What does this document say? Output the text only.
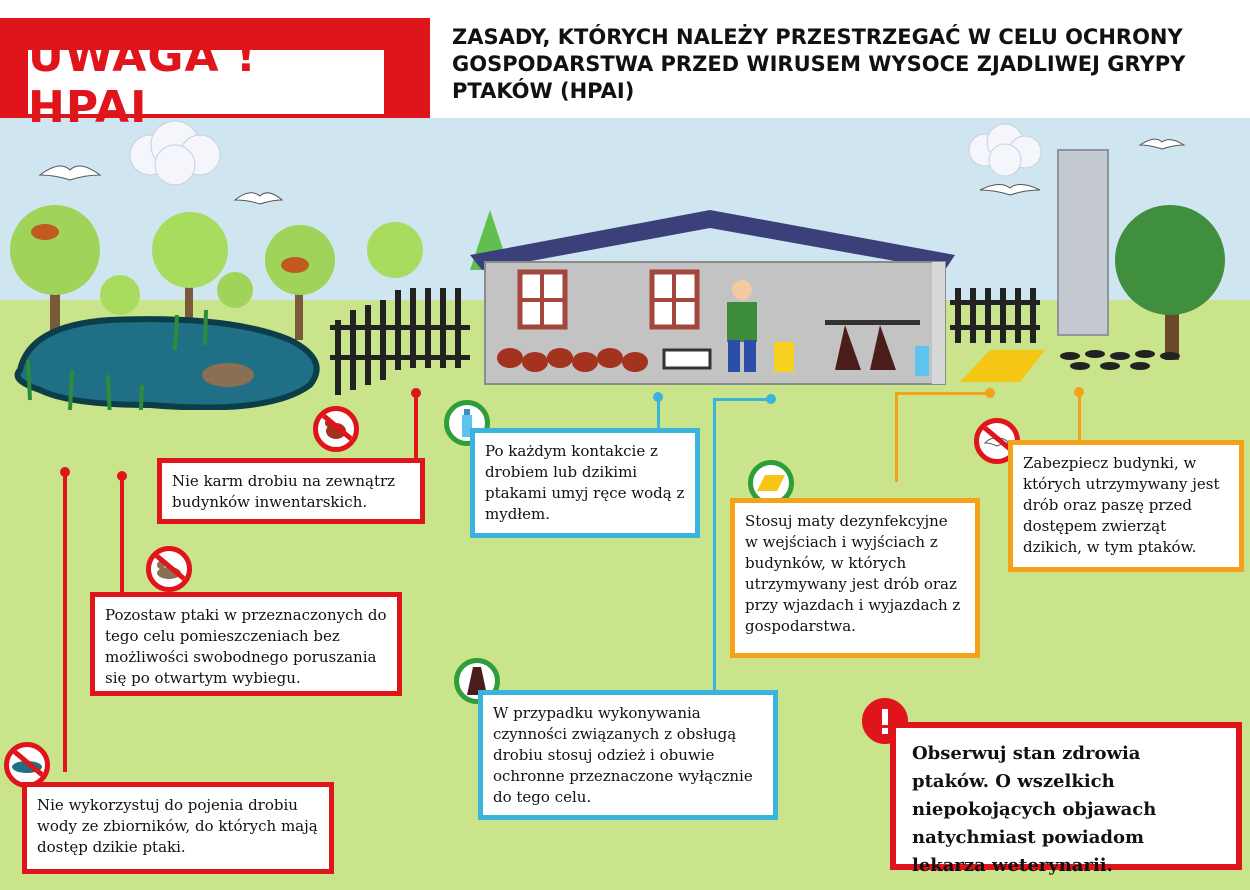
UWAGA ! HPAI
ZASADY, KTÓRYCH NALEŻY PRZESTRZEGAĆ W CELU OCHRONY GOSPODARSTWA PRZED WIRUSEM WYSOCE ZJADLIWEJ GRYPY PTAKÓW (HPAI)
Nie karm drobiu na zewnątrz budynków inwentarskich.
Po każdym kontakcie z drobiem lub dzikimi ptakami umyj ręce wodą z mydłem.
Zabezpiecz budynki, w których utrzymywany jest drób oraz paszę przed dostępem zwierząt dzikich, w tym ptaków.
Stosuj maty dezynfekcyjne w wejściach i wyjściach z budynków, w których utrzymywany jest drób oraz przy wjazdach i wyjazdach z gospodarstwa.
Pozostaw ptaki w przeznaczonych do tego celu pomieszczeniach bez możliwości swobodnego poruszania się po otwartym wybiegu.
W przypadku wykonywania czynności związanych z obsługą drobiu stosuj odzież i obuwie ochronne przeznaczone wyłącznie do tego celu.
Nie wykorzystuj do pojenia drobiu wody ze zbiorników, do których mają dostęp dzikie ptaki.
Obserwuj stan zdrowia ptaków. O wszelkich niepokojących objawach natychmiast powiadom lekarza weterynarii.
